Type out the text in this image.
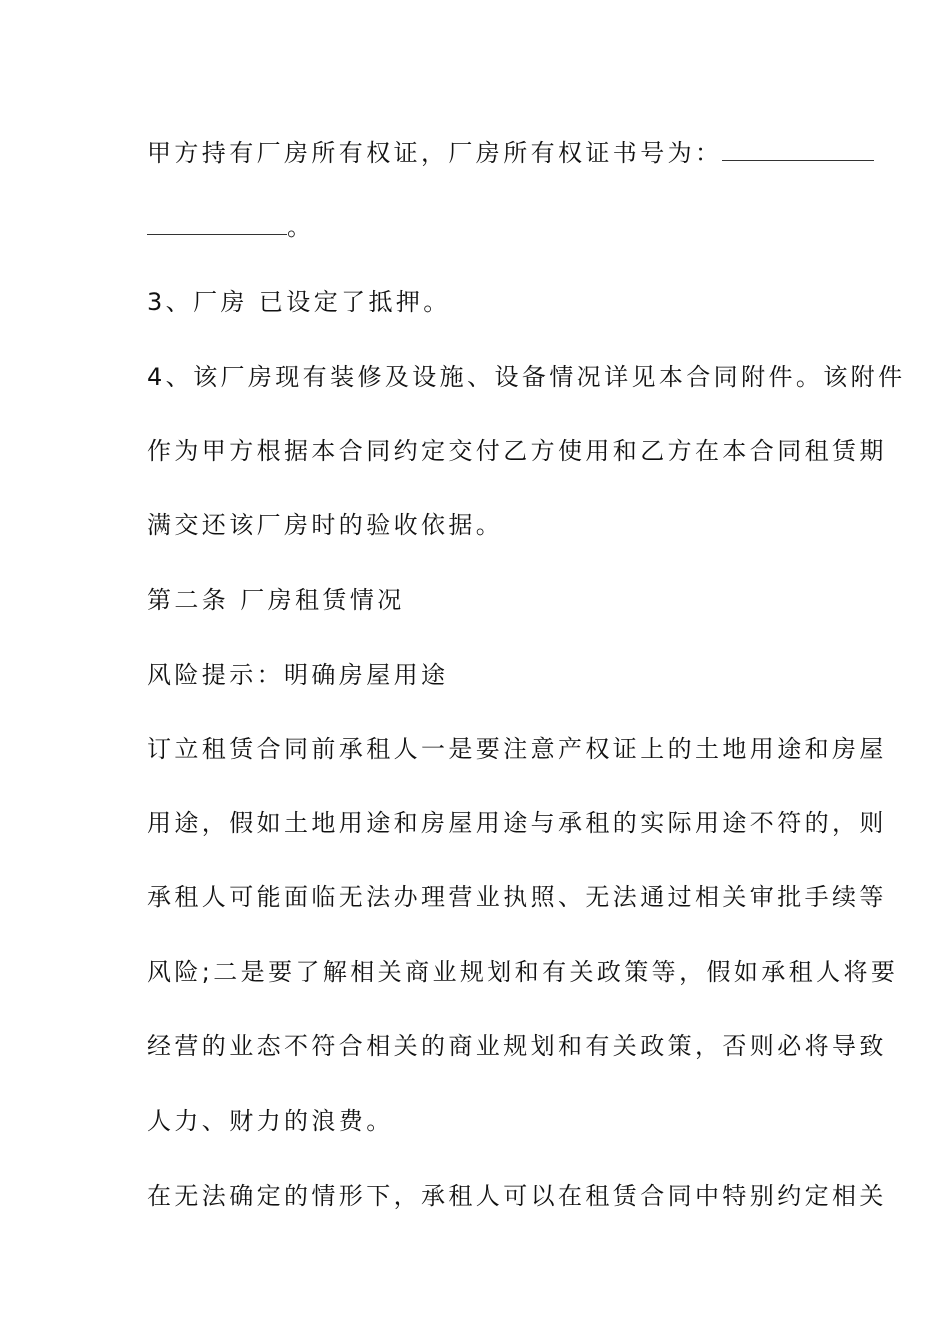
甲方持有厂房所有权证，厂房所有权证书号为：
。
3、厂房 已设定了抵押。
4、该厂房现有装修及设施、设备情况详见本合同附件。该附件
作为甲方根据本合同约定交付乙方使用和乙方在本合同租赁期
满交还该厂房时的验收依据。
第二条 厂房租赁情况
风险提示：明确房屋用途
订立租赁合同前承租人一是要注意产权证上的土地用途和房屋
用途，假如土地用途和房屋用途与承租的实际用途不符的，则
承租人可能面临无法办理营业执照、无法通过相关审批手续等
风险;二是要了解相关商业规划和有关政策等，假如承租人将要
经营的业态不符合相关的商业规划和有关政策，否则必将导致
人力、财力的浪费。
在无法确定的情形下，承租人可以在租赁合同中特别约定相关
